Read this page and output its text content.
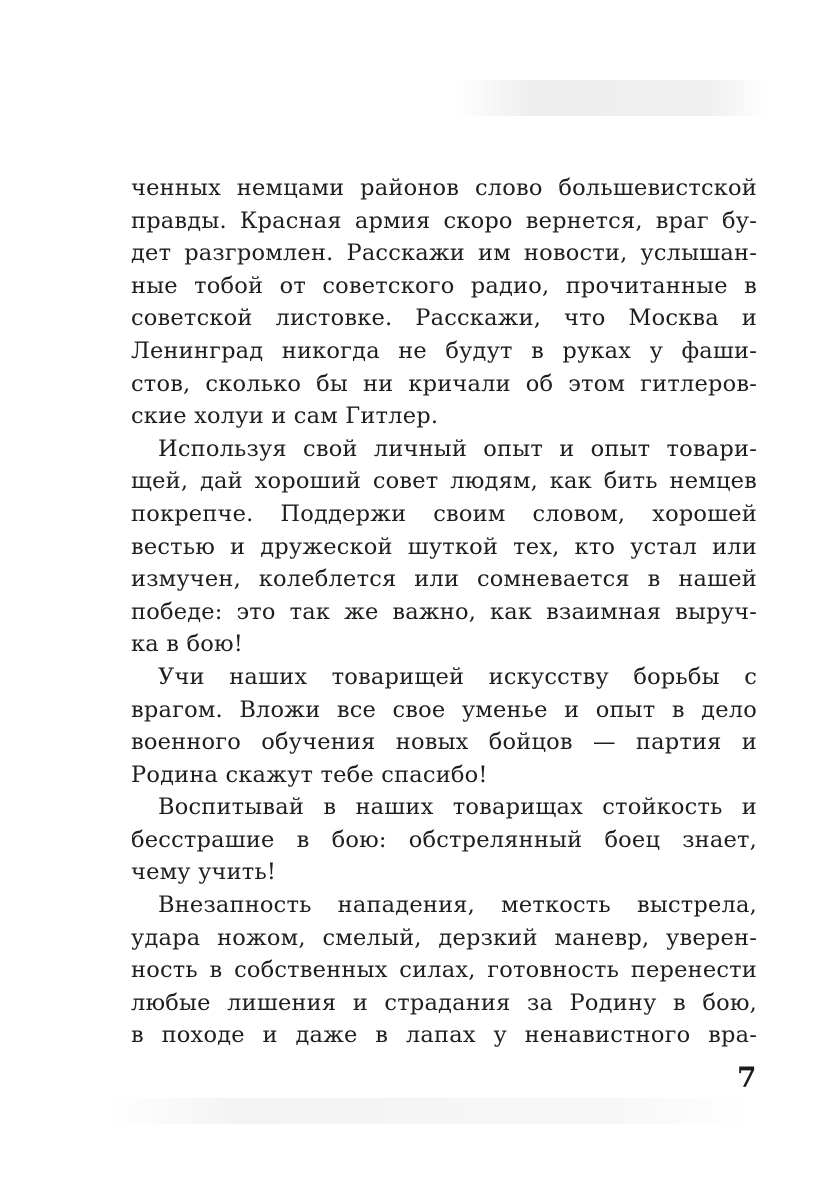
ченных немцами районов слово большевистской
правды. Красная армия скоро вернется, враг бу-
дет разгромлен. Расскажи им новости, услышан-
ные тобой от советского радио, прочитанные в
советской листовке. Расскажи, что Москва и
Ленинград никогда не будут в руках у фаши-
стов, сколько бы ни кричали об этом гитлеров-
ские холуи и сам Гитлер.
Используя свой личный опыт и опыт товари-
щей, дай хороший совет людям, как бить немцев
покрепче. Поддержи своим словом, хорошей
вестью и дружеской шуткой тех, кто устал или
измучен, колеблется или сомневается в нашей
победе: это так же важно, как взаимная выруч-
ка в бою!
Учи наших товарищей искусству борьбы с
врагом. Вложи все свое уменье и опыт в дело
военного обучения новых бойцов — партия и
Родина скажут тебе спасибо!
Воспитывай в наших товарищах стойкость и
бесстрашие в бою: обстрелянный боец знает,
чему учить!
Внезапность нападения, меткость выстрела,
удара ножом, смелый, дерзкий маневр, уверен-
ность в собственных силах, готовность перенести
любые лишения и страдания за Родину в бою,
в походе и даже в лапах у ненавистного вра-
7
